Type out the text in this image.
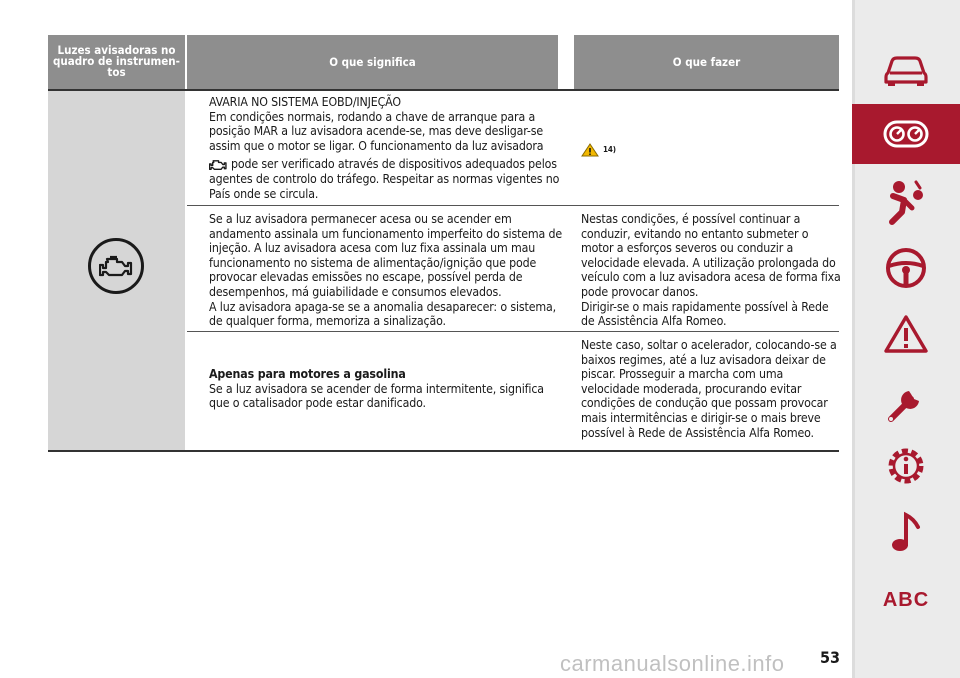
Luzes avisadoras no quadro de instrumen-tos
O que significa	O que fazer

AVARIA NO SISTEMA EOBD/INJEÇÃO

Em condições normais, rodando a chave de arranque para a posição MAR a luz avisadora acende-se, mas deve desligar-se assim que o motor se ligar. O funcionamento da luz avisadora

pode ser verificado através de dispositivos adequados pelos agentes de controlo do tráfego. Respeitar as normas vigentes no País onde se circula.

14)

Se a luz avisadora permanecer acesa ou se acender em andamento assinala um funcionamento imperfeito do sistema de injeção. A luz avisadora acesa com luz fixa assinala um mau funcionamento no sistema de alimentação/ignição que pode provocar elevadas emissões no escape, possível perda de desempenhos, má guiabilidade e consumos elevados.

A luz avisadora apaga-se se a anomalia desaparecer: o sistema, de qualquer forma, memoriza a sinalização.

Nestas condições, é possível continuar a conduzir, evitando no entanto submeter o motor a esforços severos ou conduzir a velocidade elevada. A utilização prolongada do veículo com a luz avisadora acesa de forma fixa pode provocar danos.

Dirigir-se o mais rapidamente possível à Rede de Assistência Alfa Romeo.

Apenas para motores a gasolina

Se a luz avisadora se acender de forma intermitente, significa que o catalisador pode estar danificado.

Neste caso, soltar o acelerador, colocando-se a baixos regimes, até a luz avisadora deixar de piscar. Prosseguir a marcha com uma velocidade moderada, procurando evitar condições de condução que possam provocar mais intermitências e dirigir-se o mais breve possível à Rede de Assistência Alfa Romeo.

ABC
53
carmanualsonline.info
